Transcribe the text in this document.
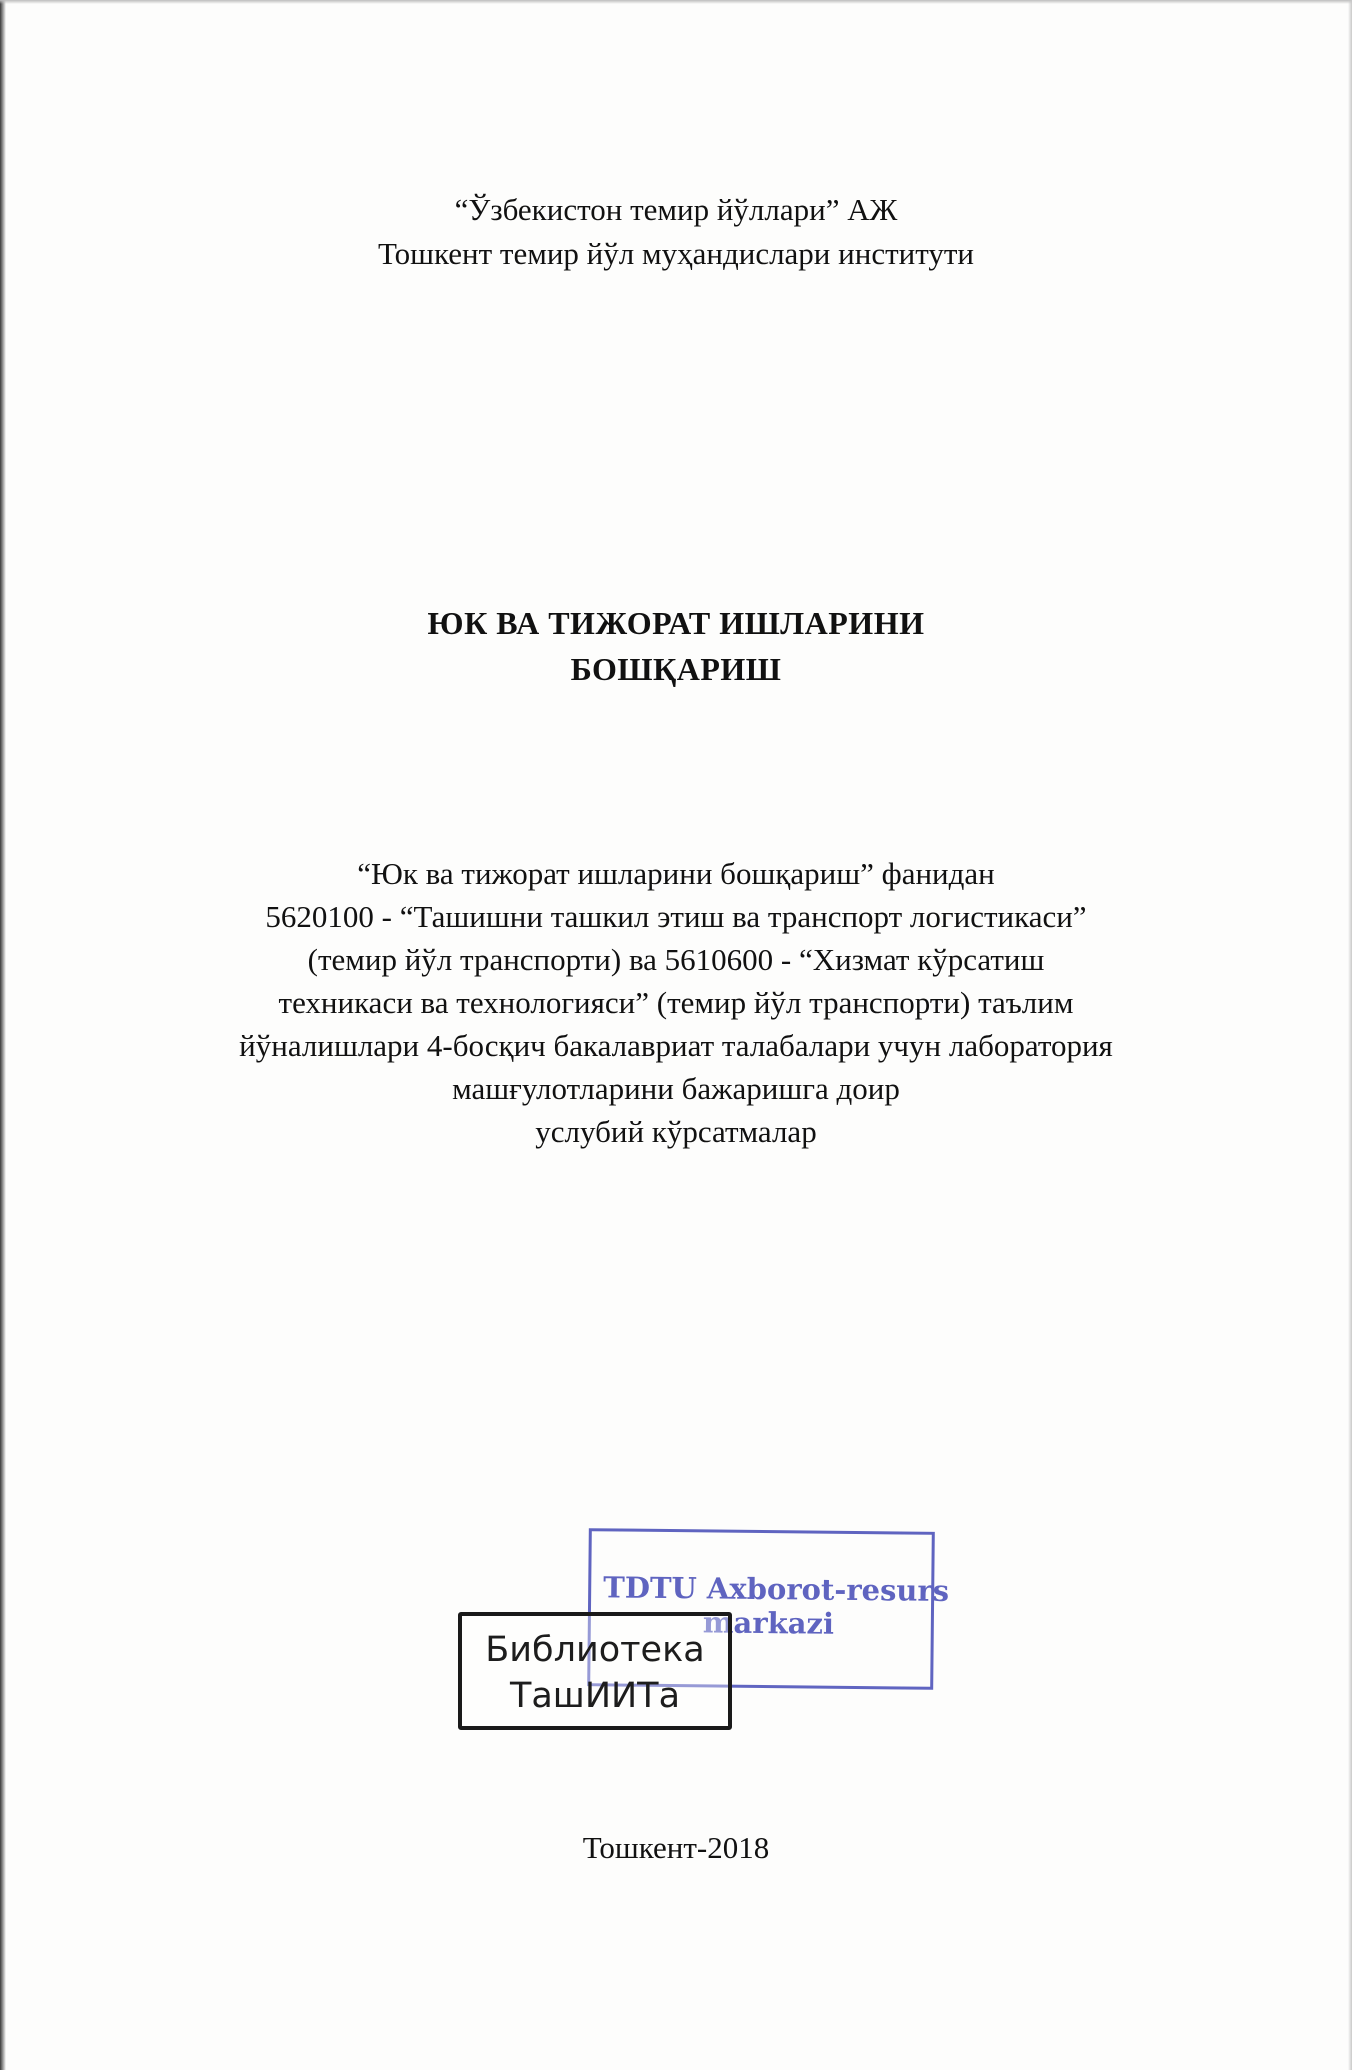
“Ўзбекистон темир йўллари” АЖ
Тошкент темир йўл муҳандислари институти
ЮК ВА ТИЖОРАТ ИШЛАРИНИ
БОШҚАРИШ
“Юк ва тижорат ишларини бошқариш” фанидан
5620100 - “Ташишни ташкил этиш ва транспорт логистикаси”
(темир йўл транспорти) ва 5610600 - “Хизмат кўрсатиш
техникаси ва технологияси” (темир йўл транспорти) таълим
йўналишлари 4-босқич бакалавриат талабалари учун лаборатория
машғулотларини бажаришга доир
услубий кўрсатмалар
TDTU Axborot-resurs
markazi
Библиотека
ТашИИТа
Тошкент-2018
